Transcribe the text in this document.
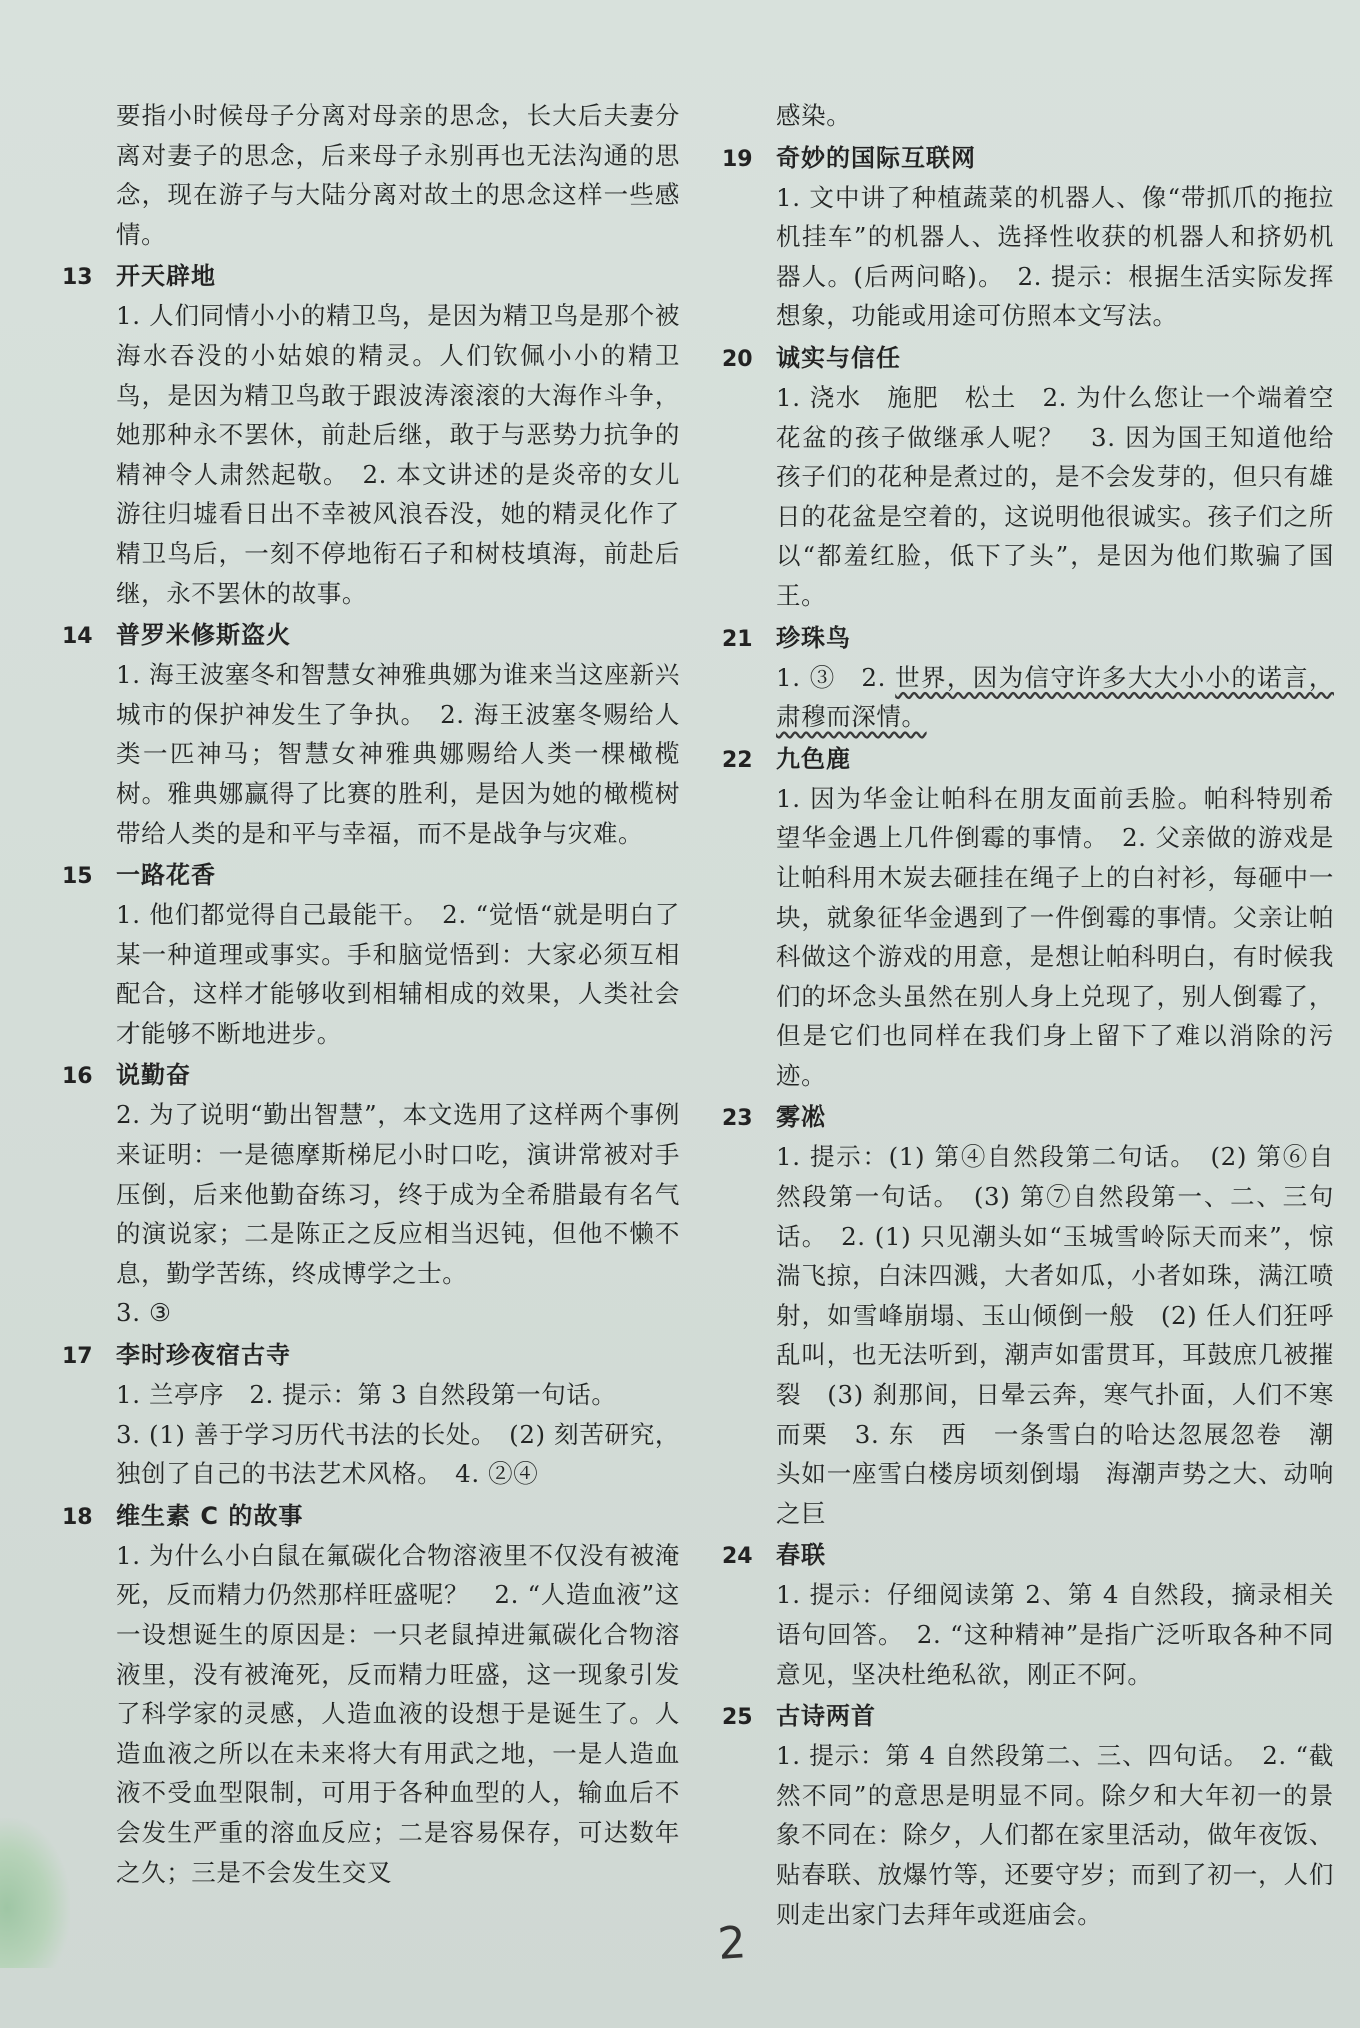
要指小时候母子分离对母亲的思念，长大后夫妻分离对妻子的思念，后来母子永别再也无法沟通的思念，现在游子与大陆分离对故土的思念这样一些感情。

13 开天辟地

1. 人们同情小小的精卫鸟，是因为精卫鸟是那个被海水吞没的小姑娘的精灵。人们钦佩小小的精卫鸟，是因为精卫鸟敢于跟波涛滚滚的大海作斗争，她那种永不罢休，前赴后继，敢于与恶势力抗争的精神令人肃然起敬。　2. 本文讲述的是炎帝的女儿游往归墟看日出不幸被风浪吞没，她的精灵化作了精卫鸟后，一刻不停地衔石子和树枝填海，前赴后继，永不罢休的故事。

14 普罗米修斯盗火

1. 海王波塞冬和智慧女神雅典娜为谁来当这座新兴城市的保护神发生了争执。　2. 海王波塞冬赐给人类一匹神马；智慧女神雅典娜赐给人类一棵橄榄树。雅典娜赢得了比赛的胜利，是因为她的橄榄树带给人类的是和平与幸福，而不是战争与灾难。

15 一路花香

1. 他们都觉得自己最能干。　2. “觉悟“就是明白了某一种道理或事实。手和脑觉悟到：大家必须互相配合，这样才能够收到相辅相成的效果，人类社会才能够不断地进步。

16 说勤奋

2. 为了说明“勤出智慧”，本文选用了这样两个事例来证明：一是德摩斯梯尼小时口吃，演讲常被对手压倒，后来他勤奋练习，终于成为全希腊最有名气的演说家；二是陈正之反应相当迟钝，但他不懒不息，勤学苦练，终成博学之士。

3. ③

17 李时珍夜宿古寺

1. 兰亭序　2. 提示：第 3 自然段第一句话。

3. (1) 善于学习历代书法的长处。　(2) 刻苦研究，独创了自己的书法艺术风格。　4. ②④

18 维生素 C 的故事

1. 为什么小白鼠在氟碳化合物溶液里不仅没有被淹死，反而精力仍然那样旺盛呢？　2. “人造血液”这一设想诞生的原因是：一只老鼠掉进氟碳化合物溶液里，没有被淹死，反而精力旺盛，这一现象引发了科学家的灵感，人造血液的设想于是诞生了。人造血液之所以在未来将大有用武之地，一是人造血液不受血型限制，可用于各种血型的人，输血后不会发生严重的溶血反应；二是容易保存，可达数年之久；三是不会发生交叉

感染。

19 奇妙的国际互联网

1. 文中讲了种植蔬菜的机器人、像“带抓爪的拖拉机挂车”的机器人、选择性收获的机器人和挤奶机器人。(后两问略)。　2. 提示：根据生活实际发挥想象，功能或用途可仿照本文写法。

20 诚实与信任

1. 浇水　施肥　松土　2. 为什么您让一个端着空花盆的孩子做继承人呢？　3. 因为国王知道他给孩子们的花种是煮过的，是不会发芽的，但只有雄日的花盆是空着的，这说明他很诚实。孩子们之所以“都羞红脸，低下了头”，是因为他们欺骗了国王。

21 珍珠鸟

1. ③　2. 世界，因为信守许多大大小小的诺言，肃穆而深情。

22 九色鹿

1. 因为华金让帕科在朋友面前丢脸。帕科特别希望华金遇上几件倒霉的事情。　2. 父亲做的游戏是让帕科用木炭去砸挂在绳子上的白衬衫，每砸中一块，就象征华金遇到了一件倒霉的事情。父亲让帕科做这个游戏的用意，是想让帕科明白，有时候我们的坏念头虽然在别人身上兑现了，别人倒霉了，但是它们也同样在我们身上留下了难以消除的污迹。

23 雾凇

1. 提示：(1) 第④自然段第二句话。　(2) 第⑥自然段第一句话。　(3) 第⑦自然段第一、二、三句话。　2. (1) 只见潮头如“玉城雪岭际天而来”，惊湍飞掠，白沫四溅，大者如瓜，小者如珠，满江喷射，如雪峰崩塌、玉山倾倒一般　(2) 任人们狂呼乱叫，也无法听到，潮声如雷贯耳，耳鼓庶几被摧裂　(3) 刹那间，日晕云奔，寒气扑面，人们不寒而栗　3. 东　西　一条雪白的哈达忽展忽卷　潮头如一座雪白楼房顷刻倒塌　海潮声势之大、动响之巨

24 春联

1. 提示：仔细阅读第 2、第 4 自然段，摘录相关语句回答。　2. “这种精神”是指广泛听取各种不同意见，坚决杜绝私欲，刚正不阿。

25 古诗两首

1. 提示：第 4 自然段第二、三、四句话。　2. “截然不同”的意思是明显不同。除夕和大年初一的景象不同在：除夕，人们都在家里活动，做年夜饭、贴春联、放爆竹等，还要守岁；而到了初一，人们则走出家门去拜年或逛庙会。

2
